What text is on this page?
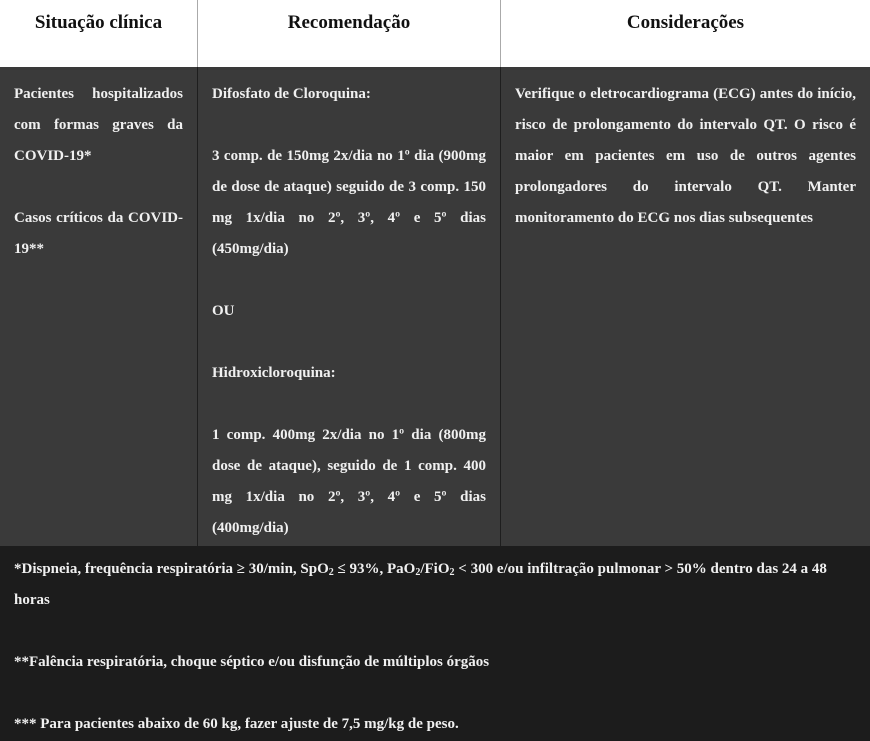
Situação clínica	Recomendação	Considerações

Pacientes hospitalizados com formas graves da COVID-19*

Casos críticos da COVID-19**

Difosfato de Cloroquina:

3 comp. de 150mg 2x/dia no 1º dia (900mg de dose de ataque) seguido de 3 comp. 150 mg 1x/dia no 2º, 3º, 4º e 5º dias (450mg/dia)

OU

Hidroxicloroquina:

1 comp. 400mg 2x/dia no 1º dia (800mg dose de ataque), seguido de 1 comp. 400 mg 1x/dia no 2º, 3º, 4º e 5º dias (400mg/dia)

Verifique o eletrocardiograma (ECG) antes do início, risco de prolongamento do intervalo QT. O risco é maior em pacientes em uso de outros agentes prolongadores do intervalo QT. Manter monitoramento do ECG nos dias subsequentes

*Dispneia, frequência respiratória ≥ 30/min, SpO$_2$ ≤ 93%, PaO$_2$/FiO$_2$ < 300 e/ou infiltração pulmonar > 50% dentro das 24 a 48 horas

**Falência respiratória, choque séptico e/ou disfunção de múltiplos órgãos

*** Para pacientes abaixo de 60 kg, fazer ajuste de 7,5 mg/kg de peso.
